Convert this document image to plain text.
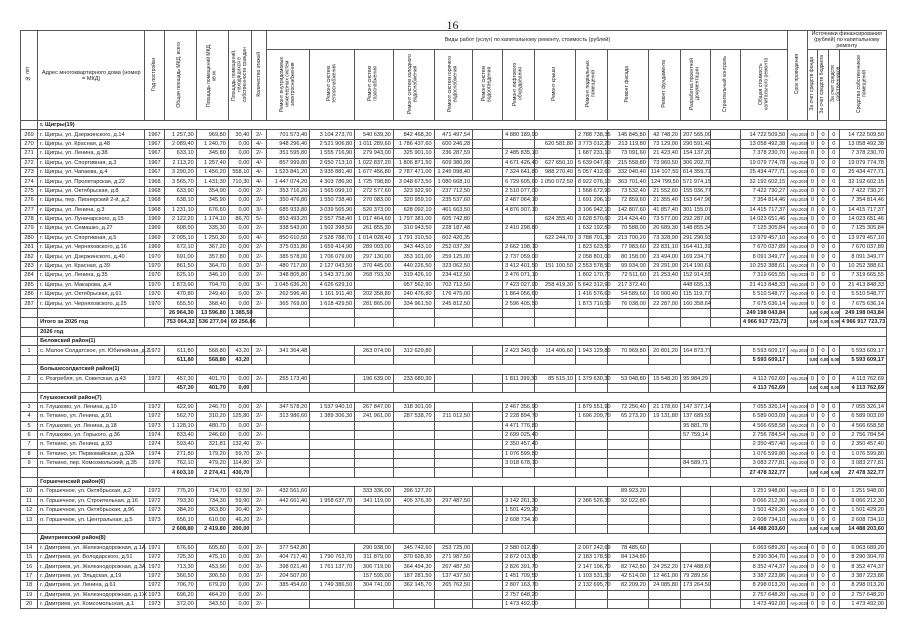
16
№ п/п	Адрес многоквартирного дома (номер = МКД)	Год постройки	Общая площадь МКД, всего	Площадь помещений МКД, кв.м.	Площадь помещений, находящихся в собственности граждан	Количество этажей	Виды работ (услуг) по капитальному ремонту, стоимость (рублей)														Срок проведения	Источники финансирования (рублей) по капитальному ремонту			
							Ремонт внутридомовых инженерных систем электроснабжения	Ремонт систем теплоснабжения	Ремонт систем газоснабжения	Ремонт систем холодного водоснабжения	Ремонт систем горячего водоснабжения	Ремонт систем водоотведения	Ремонт лифтового оборудования	Ремонт крыши	Ремонт подвальных помещений	Ремонт фасада	Ремонт фундамента	Разработка проектной документации	Строительный контроль	Общая стоимость капитального ремонта		За счет средств фонда	За счет средств бюджета	За счет средств собственников	Средства собственников помещений
	г. Щигры(19)																								
269	г. Щигры, ул. Дзержинского, д.14	1967	1 257,30	969,80	30,40	2/-	701 573,40	3 104 273,70	540 639,30	842 468,30	471 497,54		4 880 189,90		2 788 738,36	145 845,80	42 748,20	207 565,00		14 722 509,50	Апр.2026	0	0	0	14 722 509,50
270	г. Щигры, ул. Красная, д.48	1967	2 089,40	1 240,70	0,00	4/-	948 296,40	2 521 906,80	1 011 289,60	1 786 437,60	600 246,28			620 581,80	3 773 012,20	213 119,80	73 129,00	290 591,40		13 058 492,38	Апр.2026	0	0	0	13 058 492,38
271	г. Щигры, ул. Ленина, д.38	1967	633,10	345,80	0,00	2/-	351 595,80	1 555 716,90	279 943,00	325 901,10	236 287,59		2 485 835,10		1 687 231,10	73 091,60	21 423,40	154 137,20		7 378 230,70	Апр.2026	0	0	0	7 378 230,70
272	г. Щигры, ул. Спортивная, д.3	1967	2 113,20	1 257,40	0,00	4/-	857 999,80	2 650 713,10	1 022 837,20	1 806 871,50	609 380,99		4 671 426,40	627 650,10	5 639 047,60	215 558,80	73 960,50	306 202,70		19 079 774,78	Апр.2026	0	0	0	19 079 774,78
273	г. Щигры, ул. Чапаева, д.4	1967	3 290,20	1 456,20	558,10	4/-	1 523 841,20	3 935 881,40	1 677 456,80	2 787 471,00	1 245 098,40		7 324 641,80	988 270,40	5 057 412,60	332 040,40	114 107,50	614 359,71		25 434 477,71	Апр.2026	0	0	0	25 434 477,71
274	г. Щигры, ул. Пролетарская, д.22	1968	3 565,70	1 431,30	710,30	4/-	1 447 074,20	4 303 786,90	1 725 798,80	3 048 673,50	1 080 668,10		6 729 605,60	1 050 072,50	8 922 076,10	363 701,40	124 799,50	571 974,15		32 192 602,15	Апр.2026	0	0	0	32 192 602,15
275	г. Щигры, ул. Октябрьская, д.8	1968	633,90	354,90	0,00	2/-	353 716,20	1 565 099,10	272 577,60	323 922,90	237 712,50		2 510 077,00		1 568 672,90	73 532,40	21 552,60	155 036,77		7 422 730,27	Апр.2026	0	0	0	7 422 730,27
276	г. Щигры, пер. Пионерский 2-й, д.2	1968	638,10	345,90	0,00	2/-	350 476,80	1 550 738,40	270 083,00	320 959,10	235 537,60		2 487 064,10		1 691 206,10	72 859,60	21 355,40	153 647,96		7 354 814,46	Апр.2026	0	0	0	7 354 814,46
277	г. Щигры, ул. Ленина, д.3	1968	1 231,10	676,60	0,00	3/-	685 933,80	3 039 565,90	520 373,00	628 092,10	461 663,50		4 876 907,10		3 106 942,10	142 807,60	41 857,40	301 155,07		14 415 717,37	Апр.2026	0	0	0	14 415 717,37
278	г. Щигры, ул. Луначарского, д.15	1969	2 122,20	1 174,10	86,70	5/-	853 493,20	2 557 758,40	1 017 464,60	1 797 381,00	605 742,80			624 355,40	3 628 570,60	214 424,40	73 577,00	292 287,06		14 023 651,46	Апр.2026	0	0	0	14 023 651,46
279	г. Щигры, ул. Семашко, д.27	1969	608,50	335,30	0,00	2/-	338 543,00	1 502 398,50	261 855,30	310 943,50	228 187,48		2 410 298,80		1 632 192,50	70 588,00	20 689,30	148 855,34		7 125 305,84	Апр.2026	0	0	0	7 125 305,84
280	г. Щигры, ул. Спортивная, д.5	1969	2 095,10	1 250,30	0,00	4/-	850 610,50	2 528 788,70	1 014 028,40	1 791 310,50	602 420,35			622 244,70	3 788 701,30	213 700,20	73 328,90	291 290,93		13 979 457,10	Апр.2026	0	0	0	13 979 457,10
281	г. Щигры, ул. Черняховского, д.16	1969	672,10	367,20	0,00	2/-	375 031,80	1 659 414,90	289 003,00	343 443,10	252 037,39		2 662 198,10		1 823 623,50	77 983,60	22 831,10	164 411,39		7 670 037,89	Апр.2026	0	0	0	7 670 037,89
282	г. Щигры, ул. Дзержинского, д.40	1970	691,00	357,80	0,00	2/-	385 578,00	1 706 079,00	297 130,00	353 101,00	259 125,00		2 737 059,00		2 058 801,00	80 158,00	23 494,00	169 234,77		8 091 349,77	Апр.2026	0	0	0	8 091 349,77
283	г. Щигры, ул. Красная, д.39	1970	861,50	364,70	0,00	2/-	480 717,00	2 127 043,50	370 445,00	440 226,50	323 062,50		3 412 401,50	151 100,50	2 553 578,50	99 934,00	29 291,00	214 190,61		10 252 388,61	Апр.2026	0	0	0	10 252 388,61
284	г. Щигры, ул. Ленина, д.35	1970	625,10	346,10	0,00	2/-	348 805,80	1 543 371,90	268 793,30	319 426,10	234 412,50		2 476 071,10		1 802 170,70	72 511,60	21 253,40	152 914,55		7 319 665,55	Апр.2026	0	0	0	7 319 665,55
285	г. Щигры, ул. Макарова, д.4	1970	1 873,90	704,70	0,00	3/-	1 045 636,20	4 626 629,10		957 562,90	702 712,50		7 423 027,90	258 419,30	5 642 312,90	217 372,40		448 655,13		21 413 848,33	Апр.2026	0	0	0	21 413 848,33
286	г. Щигры, ул. Октябрьская, д.61	1970	470,80	249,40	0,00	2/-	262 596,40	1 161 911,40	202 358,80	240 476,80	176 475,00		1 864 056,60		1 416 576,60	54 589,60	16 000,40	115 119,77		5 510 548,77	Апр.2026	0	0	0	5 510 548,77
287	г. Щигры, ул. Черняховского, д.25	1970	655,50	368,40	0,00	2/-	365 769,00	1 618 429,50	281 865,00	334 961,50	245 812,50		2 596 405,50		1 873 710,50	76 038,00	22 287,00	160 358,64		7 675 636,14	Апр.2026	0	0	0	7 675 636,14
			26 964,30	13 596,80	1 385,50															249 198 043,84		0,00	0,00	0,00	249 198 043,84
	Итого за 2026 год		753 064,32	536 277,04	69 256,86															4 966 917 723,73		0,00	0,00	0,00	4 966 917 723,73
	2026 год																								
	Беловский район(1)																								
1	с. Малое Солдатское, ул. Юбилейная, д.2	1972	611,80	568,80	43,20	2/-	341 364,48		263 074,00	312 629,80			2 423 349,00	114 406,60	1 943 129,80	70 969,80	20 801,20	164 873,77		5 593 609,17	Апр.2026	0	0	0	5 593 609,17
			611,80	568,80	43,20															5 593 609,17		0,00	0,00	0,00	5 593 609,17
	Большесолдатский район(1)																								
2	с. Розгребля, ул. Советская, д.43	1972	457,30	401,70	0,00	2/-	255 173,40		196 639,00	233 680,30			1 811 399,30	85 515,10	1 379 630,30	53 048,80	15 548,20	95 984,29		4 113 762,69	Апр.2026	0	0	0	4 113 762,69
			457,30	401,70	0,00															4 113 762,69		0,00	0,00	0,00	4 113 762,69
	Глушковский район(7)																								
3	п. Глушково, ул. Ленина, д.19	1972	622,90	246,70	0,00	2/-	347 578,20	1 537 940,10	267 847,00	318 301,00			2 467 356,90		1 879 551,90	72 256,40	21 178,60	147 377,14		7 055 326,14	Апр.2026	0	0	0	7 055 326,14
4	п. Теткино, ул. Ленина, д.91	1972	562,70	310,20	125,80	2/-	313 986,60	1 389 306,30	241 961,00	287 538,70	211 012,50		2 228 894,70		1 696 209,70	65 273,20	19 131,80	137 689,59		6 589 003,09	Апр.2026	0	0	0	6 589 003,09
5	п. Глушково, ул. Ленина, д.18	1973	1 128,10	480,70	0,00	2/-							4 471 776,80					95 881,78		4 566 658,58	Апр.2026	0	0	0	4 566 658,58
6	п. Глушково, ул. Горького, д.36	1974	833,40	246,60	0,00	2/-							2 699 025,40					57 759,14		2 756 784,54	Апр.2026	0	0	0	2 756 784,54
7	п. Теткино, ул. Ленина, д.93	1974	593,40	321,81	132,40	2/-							2 350 457,40							2 350 457,40	Апр.2026	0	0	0	2 350 457,40
8	п. Теткино, ул. Первомайская, д.32А	1974	271,80	179,20	59,70	2/-							1 076 599,80							1 076 599,80	Апр.2026	0	0	0	1 076 599,80
9	п. Теткино, пер. Комсомольский, д.35	1976	762,10	479,20	114,80	2/-							3 018 678,10					84 589,71		3 083 277,81	Апр.2026	0	0	0	3 083 277,81
			4 603,10	2 274,41	430,70															27 478 322,77		0,00	0,00	0,00	27 478 322,77
	Горшеченский район(6)																								
10	п. Горшечное, ул. Октябрьская, д.2	1972	775,20	714,70	63,50	2/-	432 561,60		333 336,00	396 127,20						89 923,20				1 251 948,00	Апр.2026	0	0	0	1 251 948,00
11	п. Горшечное, ул. Строительная, д.16	1972	793,30	734,30	59,90	2/-	442 661,40	1 958 637,70	341 119,00	405 376,30	297 487,50		3 142 261,30		2 386 526,30	92 022,80				9 066 212,30	Апр.2026	0	0	0	9 066 212,30
12	п. Горшечное, ул. Октябрьская, д.96	1973	384,20	363,80	30,40	2/-							1 501 429,20							1 501 429,20	Апр.2026	0	0	0	1 501 429,20
13	п. Горшечное, ул. Центральная, д.5	1973	656,10	610,00	46,20	2/-							2 608 734,10							2 608 734,10	Апр.2026	0	0	0	2 608 734,10
			2 608,80	2 419,80	200,00															14 488 203,60		0,00	0,00	0,00	14 488 203,60
	Дмитриевский район(8)																								
14	г. Дмитриев, ул. Железнодорожная, д.1А	1971	676,60	605,80	0,00	2/-	377 542,80		290 938,00	345 742,60	253 725,00		2 580 012,80		2 007 242,69	78 485,60				6 063 689,20	Апр.2026	0	0	0	6 063 689,20
15	г. Дмитриев, ул. Володарского, д.51	1972	725,30	475,10	0,00	2/-	404 717,40	1 790 763,70	311 879,00	370 628,30	271 987,50		2 872 013,80		2 183 178,50	84 134,80				8 290 304,70	Апр.2026	0	0	0	8 290 304,70
16	г. Дмитриев, ул. Железнодорожная, д.3А	1972	713,30	453,90	0,00	2/-	398 021,40	1 761 137,70	306 719,00	364 494,30	267 487,50		2 826 391,70		2 147 196,70	82 742,80	24 252,20	174 488,67		8 352 474,37	Апр.2026	0	0	0	8 352 474,37
17	г. Дмитриев, ул. Эльдская, д.19	1972	366,50	306,50	0,00	2/-	204 507,00		157 595,00	187 281,50	137 437,50		1 451 709,50		1 103 531,50	42 514,00	12 461,00	79 289,56		3 387 223,86	Апр.2026	0	0	0	3 387 223,86
18	г. Дмитриев, ул. Ленина, д.61	1972	706,70	679,20	0,00	2/-	385 454,60	1 749 386,50	304 741,00	362 145,70	265 762,50		2 807 163,70		2 132 695,70	82 209,20	24 085,80	173 264,50		8 298 013,20	Апр.2026	0	0	0	8 298 013,20
19	г. Дмитриев, ул. Железнодорожная, д.1Ж	1973	696,20	464,20	0,00	2/-							2 757 648,20							2 757 648,20	Апр.2026	0	0	0	2 757 648,20
20	г. Дмитриев, ул. Комсомольская, д.1	1973	372,00	343,50	0,00	2/-							1 473 492,00							1 473 492,00	Апр.2026	0	0	0	1 473 492,00
